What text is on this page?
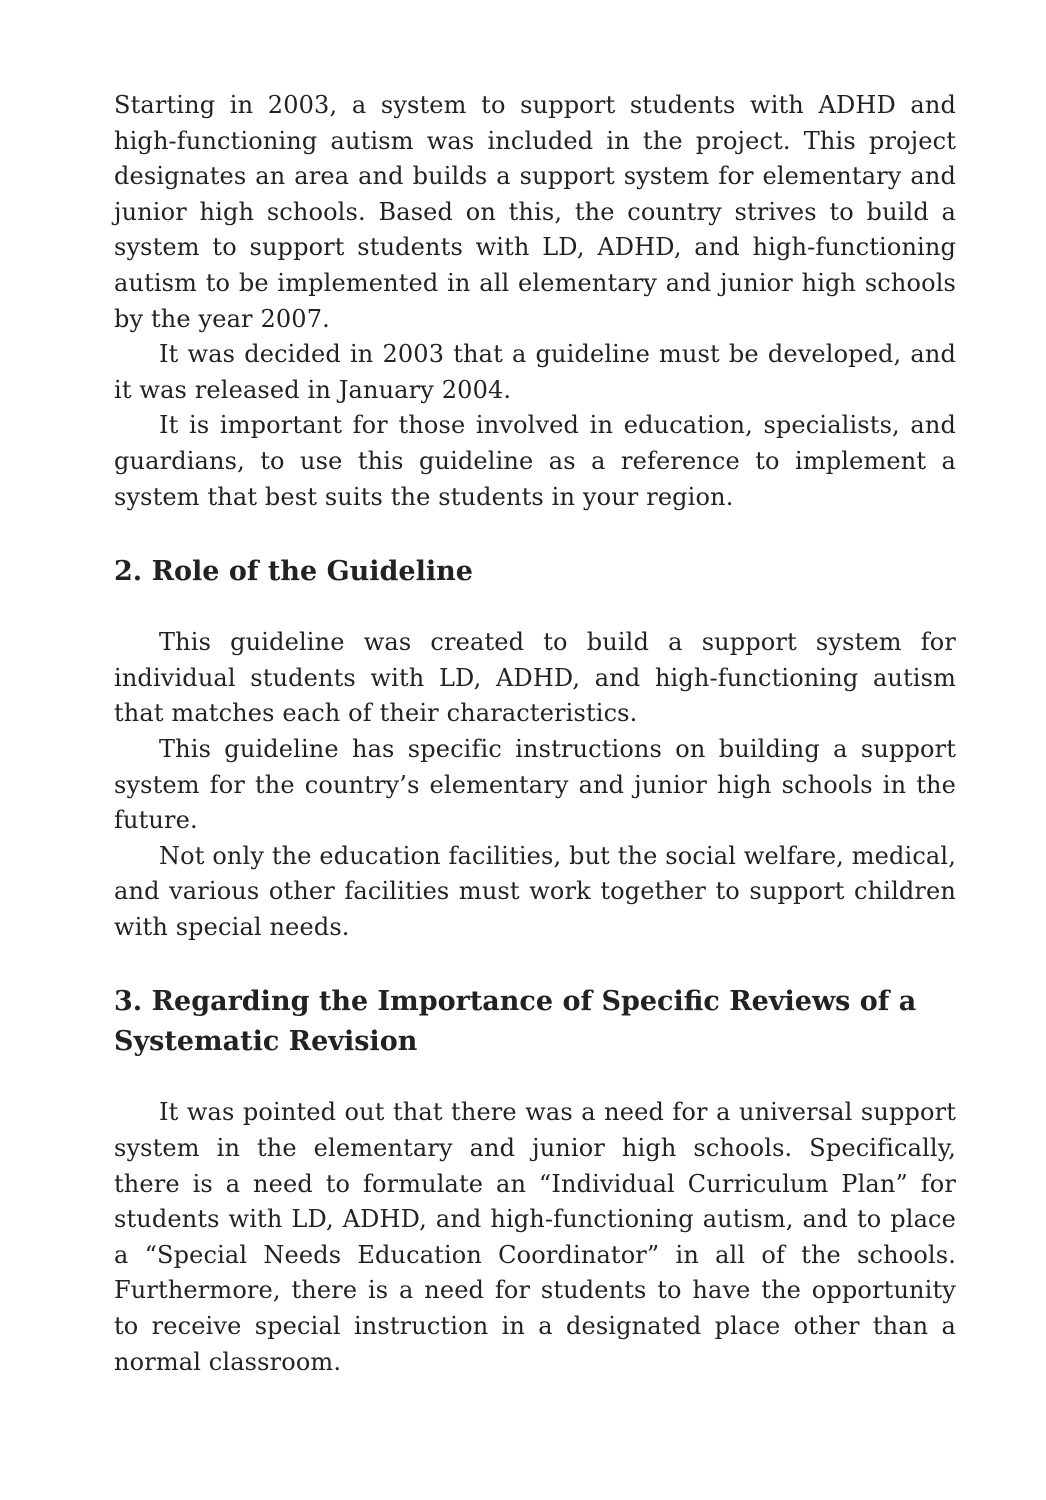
Starting in 2003, a system to support students with ADHD and high-functioning autism was included in the project. This project designates an area and builds a support system for elementary and junior high schools. Based on this, the country strives to build a system to support students with LD, ADHD, and high-functioning autism to be implemented in all elementary and junior high schools by the year 2007.

It was decided in 2003 that a guideline must be developed, and it was released in January 2004.

It is important for those involved in education, specialists, and guardians, to use this guideline as a reference to implement a system that best suits the students in your region.

2. Role of the Guideline

This guideline was created to build a support system for individual students with LD, ADHD, and high-functioning autism that matches each of their characteristics.

This guideline has specific instructions on building a support system for the country’s elementary and junior high schools in the future.

Not only the education facilities, but the social welfare, medical, and various other facilities must work together to support children with special needs.

3. Regarding the Importance of Specific Reviews of a Systematic Revision

It was pointed out that there was a need for a universal support system in the elementary and junior high schools. Specifically, there is a need to formulate an “Individual Curriculum Plan” for students with LD, ADHD, and high-functioning autism, and to place a “Special Needs Education Coordinator” in all of the schools. Furthermore, there is a need for students to have the opportunity to receive special instruction in a designated place other than a normal classroom.
